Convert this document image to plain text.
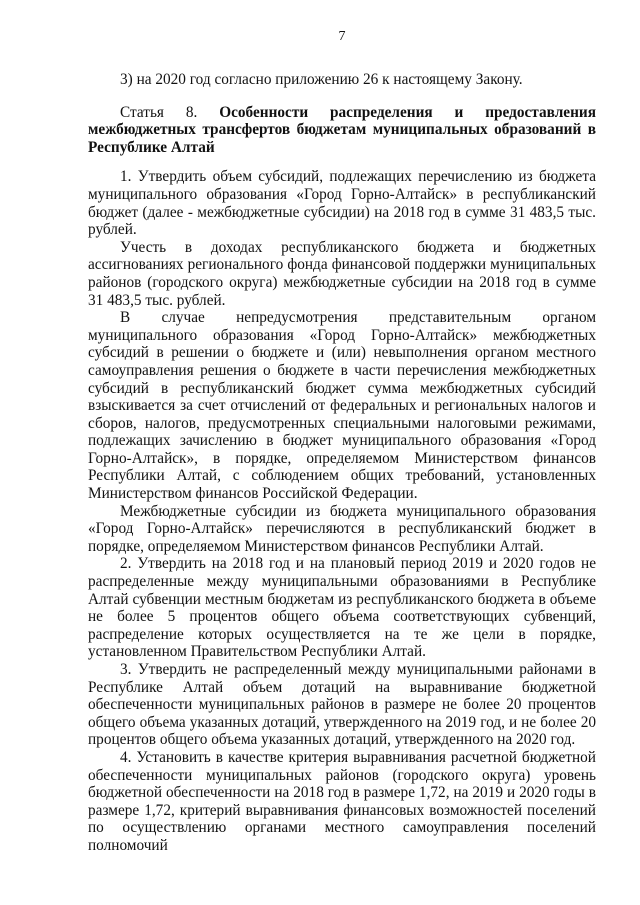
7

3) на 2020 год согласно приложению 26 к настоящему Закону.

Статья 8. Особенности распределения и предоставления межбюджетных трансфертов бюджетам муниципальных образований в Республике Алтай

1. Утвердить объем субсидий, подлежащих перечислению из бюджета муниципального образования «Город Горно-Алтайск» в республиканский бюджет (далее - межбюджетные субсидии) на 2018 год в сумме 31 483,5 тыс. рублей.

Учесть в доходах республиканского бюджета и бюджетных ассигнованиях регионального фонда финансовой поддержки муниципальных районов (городского округа) межбюджетные субсидии на 2018 год в сумме 31 483,5 тыс. рублей.

В случае непредусмотрения представительным органом муниципального образования «Город Горно-Алтайск» межбюджетных субсидий в решении о бюджете и (или) невыполнения органом местного самоуправления решения о бюджете в части перечисления межбюджетных субсидий в республиканский бюджет сумма межбюджетных субсидий взыскивается за счет отчислений от федеральных и региональных налогов и сборов, налогов, предусмотренных специальными налоговыми режимами, подлежащих зачислению в бюджет муниципального образования «Город Горно-Алтайск», в порядке, определяемом Министерством финансов Республики Алтай, с соблюдением общих требований, установленных Министерством финансов Российской Федерации.

Межбюджетные субсидии из бюджета муниципального образования «Город Горно-Алтайск» перечисляются в республиканский бюджет в порядке, определяемом Министерством финансов Республики Алтай.

2. Утвердить на 2018 год и на плановый период 2019 и 2020 годов не распределенные между муниципальными образованиями в Республике Алтай субвенции местным бюджетам из республиканского бюджета в объеме не более 5 процентов общего объема соответствующих субвенций, распределение которых осуществляется на те же цели в порядке, установленном Правительством Республики Алтай.

3. Утвердить не распределенный между муниципальными районами в Республике Алтай объем дотаций на выравнивание бюджетной обеспеченности муниципальных районов в размере не более 20 процентов общего объема указанных дотаций, утвержденного на 2019 год, и не более 20 процентов общего объема указанных дотаций, утвержденного на 2020 год.

4. Установить в качестве критерия выравнивания расчетной бюджетной обеспеченности муниципальных районов (городского округа) уровень бюджетной обеспеченности на 2018 год в размере 1,72, на 2019 и 2020 годы в размере 1,72, критерий выравнивания финансовых возможностей поселений по осуществлению органами местного самоуправления поселений полномочий
